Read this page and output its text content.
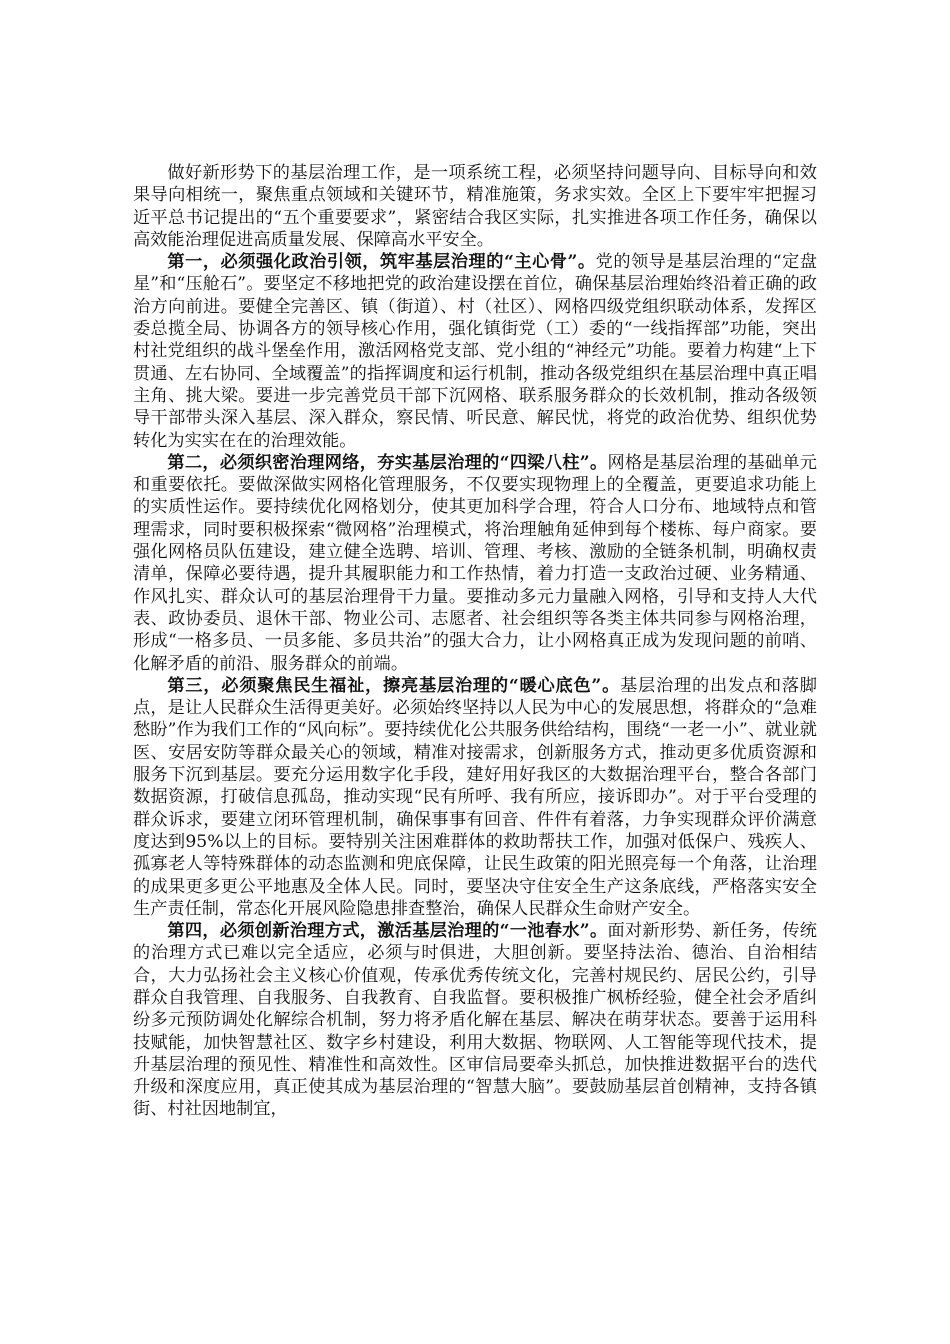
做好新形势下的基层治理工作，是一项系统工程，必须坚持问题导向、目标导向和效果导向相统一，聚焦重点领域和关键环节，精准施策，务求实效。全区上下要牢牢把握习近平总书记提出的“五个重要要求”，紧密结合我区实际，扎实推进各项工作任务，确保以高效能治理促进高质量发展、保障高水平安全。

第一，必须强化政治引领，筑牢基层治理的“主心骨”。党的领导是基层治理的“定盘星”和“压舱石”。要坚定不移地把党的政治建设摆在首位，确保基层治理始终沿着正确的政治方向前进。要健全完善区、镇（街道）、村（社区）、网格四级党组织联动体系，发挥区委总揽全局、协调各方的领导核心作用，强化镇街党（工）委的“一线指挥部”功能，突出村社党组织的战斗堡垒作用，激活网格党支部、党小组的“神经元”功能。要着力构建“上下贯通、左右协同、全域覆盖”的指挥调度和运行机制，推动各级党组织在基层治理中真正唱主角、挑大梁。要进一步完善党员干部下沉网格、联系服务群众的长效机制，推动各级领导干部带头深入基层、深入群众，察民情、听民意、解民忧，将党的政治优势、组织优势转化为实实在在的治理效能。

第二，必须织密治理网络，夯实基层治理的“四梁八柱”。网格是基层治理的基础单元和重要依托。要做深做实网格化管理服务，不仅要实现物理上的全覆盖，更要追求功能上的实质性运作。要持续优化网格划分，使其更加科学合理，符合人口分布、地域特点和管理需求，同时要积极探索“微网格”治理模式，将治理触角延伸到每个楼栋、每户商家。要强化网格员队伍建设，建立健全选聘、培训、管理、考核、激励的全链条机制，明确权责清单，保障必要待遇，提升其履职能力和工作热情，着力打造一支政治过硬、业务精通、作风扎实、群众认可的基层治理骨干力量。要推动多元力量融入网格，引导和支持人大代表、政协委员、退休干部、物业公司、志愿者、社会组织等各类主体共同参与网格治理，形成“一格多员、一员多能、多员共治”的强大合力，让小网格真正成为发现问题的前哨、化解矛盾的前沿、服务群众的前端。

第三，必须聚焦民生福祉，擦亮基层治理的“暖心底色”。基层治理的出发点和落脚点，是让人民群众生活得更美好。必须始终坚持以人民为中心的发展思想，将群众的“急难愁盼”作为我们工作的“风向标”。要持续优化公共服务供给结构，围绕“一老一小”、就业就医、安居安防等群众最关心的领域，精准对接需求，创新服务方式，推动更多优质资源和服务下沉到基层。要充分运用数字化手段，建好用好我区的大数据治理平台，整合各部门数据资源，打破信息孤岛，推动实现“民有所呼、我有所应，接诉即办”。对于平台受理的群众诉求，要建立闭环管理机制，确保事事有回音、件件有着落，力争实现群众评价满意度达到95%以上的目标。要特别关注困难群体的救助帮扶工作，加强对低保户、残疾人、孤寡老人等特殊群体的动态监测和兜底保障，让民生政策的阳光照亮每一个角落，让治理的成果更多更公平地惠及全体人民。同时，要坚决守住安全生产这条底线，严格落实安全生产责任制，常态化开展风险隐患排查整治，确保人民群众生命财产安全。

第四，必须创新治理方式，激活基层治理的“一池春水”。面对新形势、新任务，传统的治理方式已难以完全适应，必须与时俱进，大胆创新。要坚持法治、德治、自治相结合，大力弘扬社会主义核心价值观，传承优秀传统文化，完善村规民约、居民公约，引导群众自我管理、自我服务、自我教育、自我监督。要积极推广枫桥经验，健全社会矛盾纠纷多元预防调处化解综合机制，努力将矛盾化解在基层、解决在萌芽状态。要善于运用科技赋能，加快智慧社区、数字乡村建设，利用大数据、物联网、人工智能等现代技术，提升基层治理的预见性、精准性和高效性。区审信局要牵头抓总，加快推进数据平台的迭代升级和深度应用，真正使其成为基层治理的“智慧大脑”。要鼓励基层首创精神，支持各镇街、村社因地制宜，
